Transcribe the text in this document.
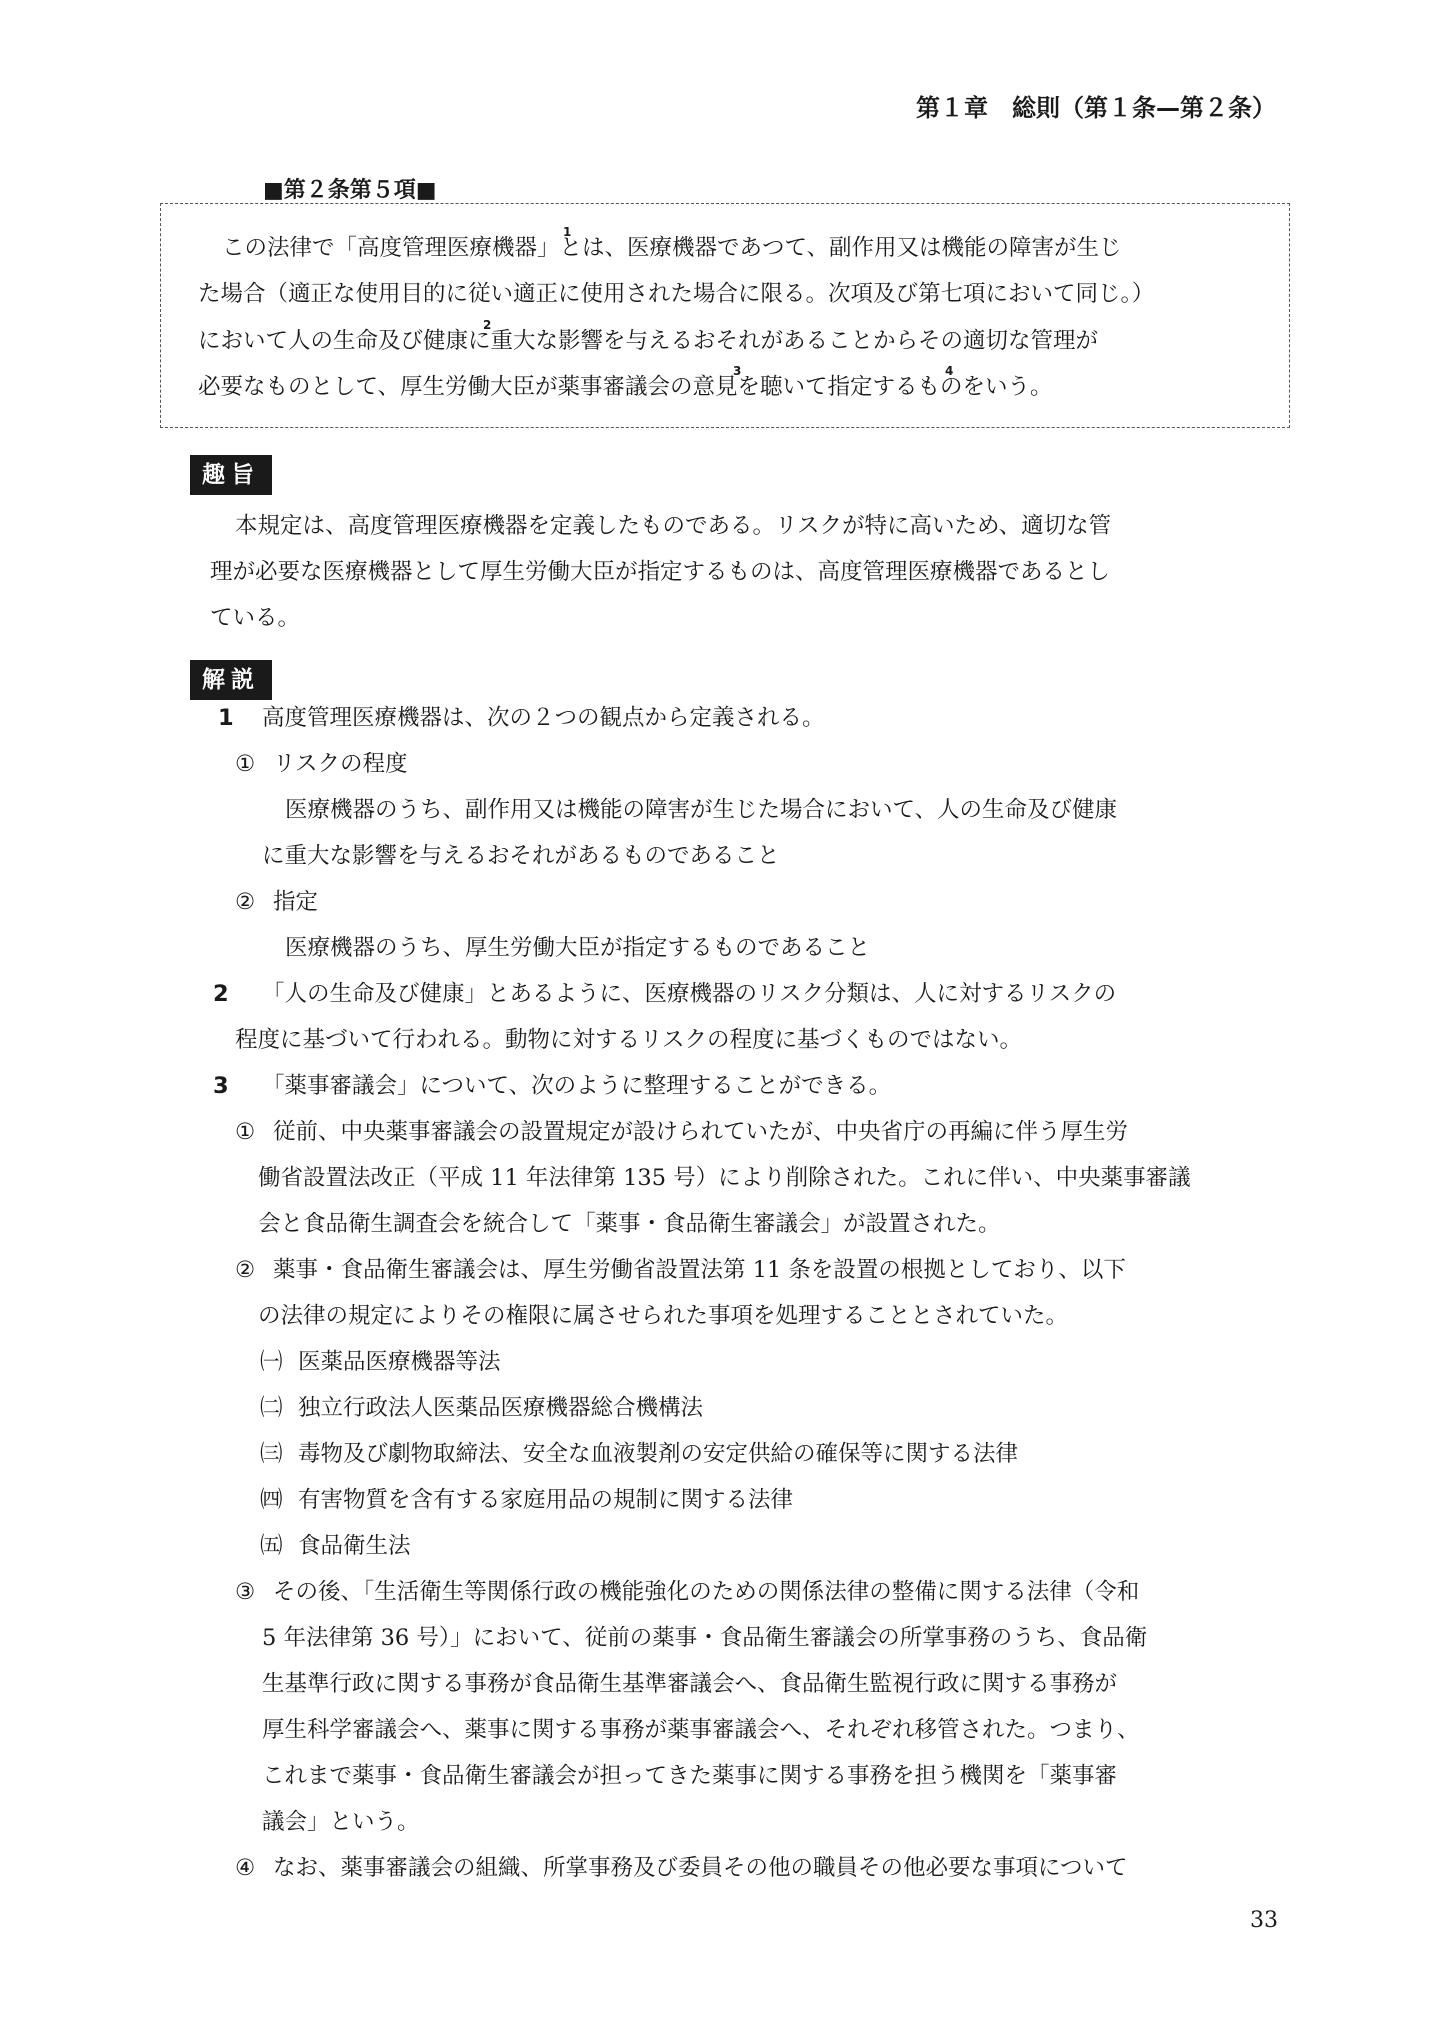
第１章　総則（第１条—第２条）
■第２条第５項■
この法律で「高度管理医療機器」とは、医療機器であつて、副作用又は機能の障害が生じ
た場合（適正な使用目的に従い適正に使用された場合に限る。次項及び第七項において同じ。）
において人の生命及び健康に重大な影響を与えるおそれがあることからその適切な管理が
必要なものとして、厚生労働大臣が薬事審議会の意見を聴いて指定するものをいう。
1
2
3	4
趣旨
本規定は、高度管理医療機器を定義したものである。リスクが特に高いため、適切な管
理が必要な医療機器として厚生労働大臣が指定するものは、高度管理医療機器であるとし
ている。
解説
1 高度管理医療機器は、次の２つの観点から定義される。
① リスクの程度
医療機器のうち、副作用又は機能の障害が生じた場合において、人の生命及び健康
に重大な影響を与えるおそれがあるものであること
② 指定
医療機器のうち、厚生労働大臣が指定するものであること
2 「人の生命及び健康」とあるように、医療機器のリスク分類は、人に対するリスクの
程度に基づいて行われる。動物に対するリスクの程度に基づくものではない。
3 「薬事審議会」について、次のように整理することができる。
① 従前、中央薬事審議会の設置規定が設けられていたが、中央省庁の再編に伴う厚生労
働省設置法改正（平成 11 年法律第 135 号）により削除された。これに伴い、中央薬事審議
会と食品衛生調査会を統合して「薬事・食品衛生審議会」が設置された。
② 薬事・食品衛生審議会は、厚生労働省設置法第 11 条を設置の根拠としており、以下
の法律の規定によりその権限に属させられた事項を処理することとされていた。
㈠ 医薬品医療機器等法
㈡ 独立行政法人医薬品医療機器総合機構法
㈢ 毒物及び劇物取締法、安全な血液製剤の安定供給の確保等に関する法律
㈣ 有害物質を含有する家庭用品の規制に関する法律
㈤ 食品衛生法
③ その後、「生活衛生等関係行政の機能強化のための関係法律の整備に関する法律（令和
5 年法律第 36 号）」において、従前の薬事・食品衛生審議会の所掌事務のうち、食品衛
生基準行政に関する事務が食品衛生基準審議会へ、食品衛生監視行政に関する事務が
厚生科学審議会へ、薬事に関する事務が薬事審議会へ、それぞれ移管された。つまり、
これまで薬事・食品衛生審議会が担ってきた薬事に関する事務を担う機関を「薬事審
議会」という。
④ なお、薬事審議会の組織、所掌事務及び委員その他の職員その他必要な事項について
33
